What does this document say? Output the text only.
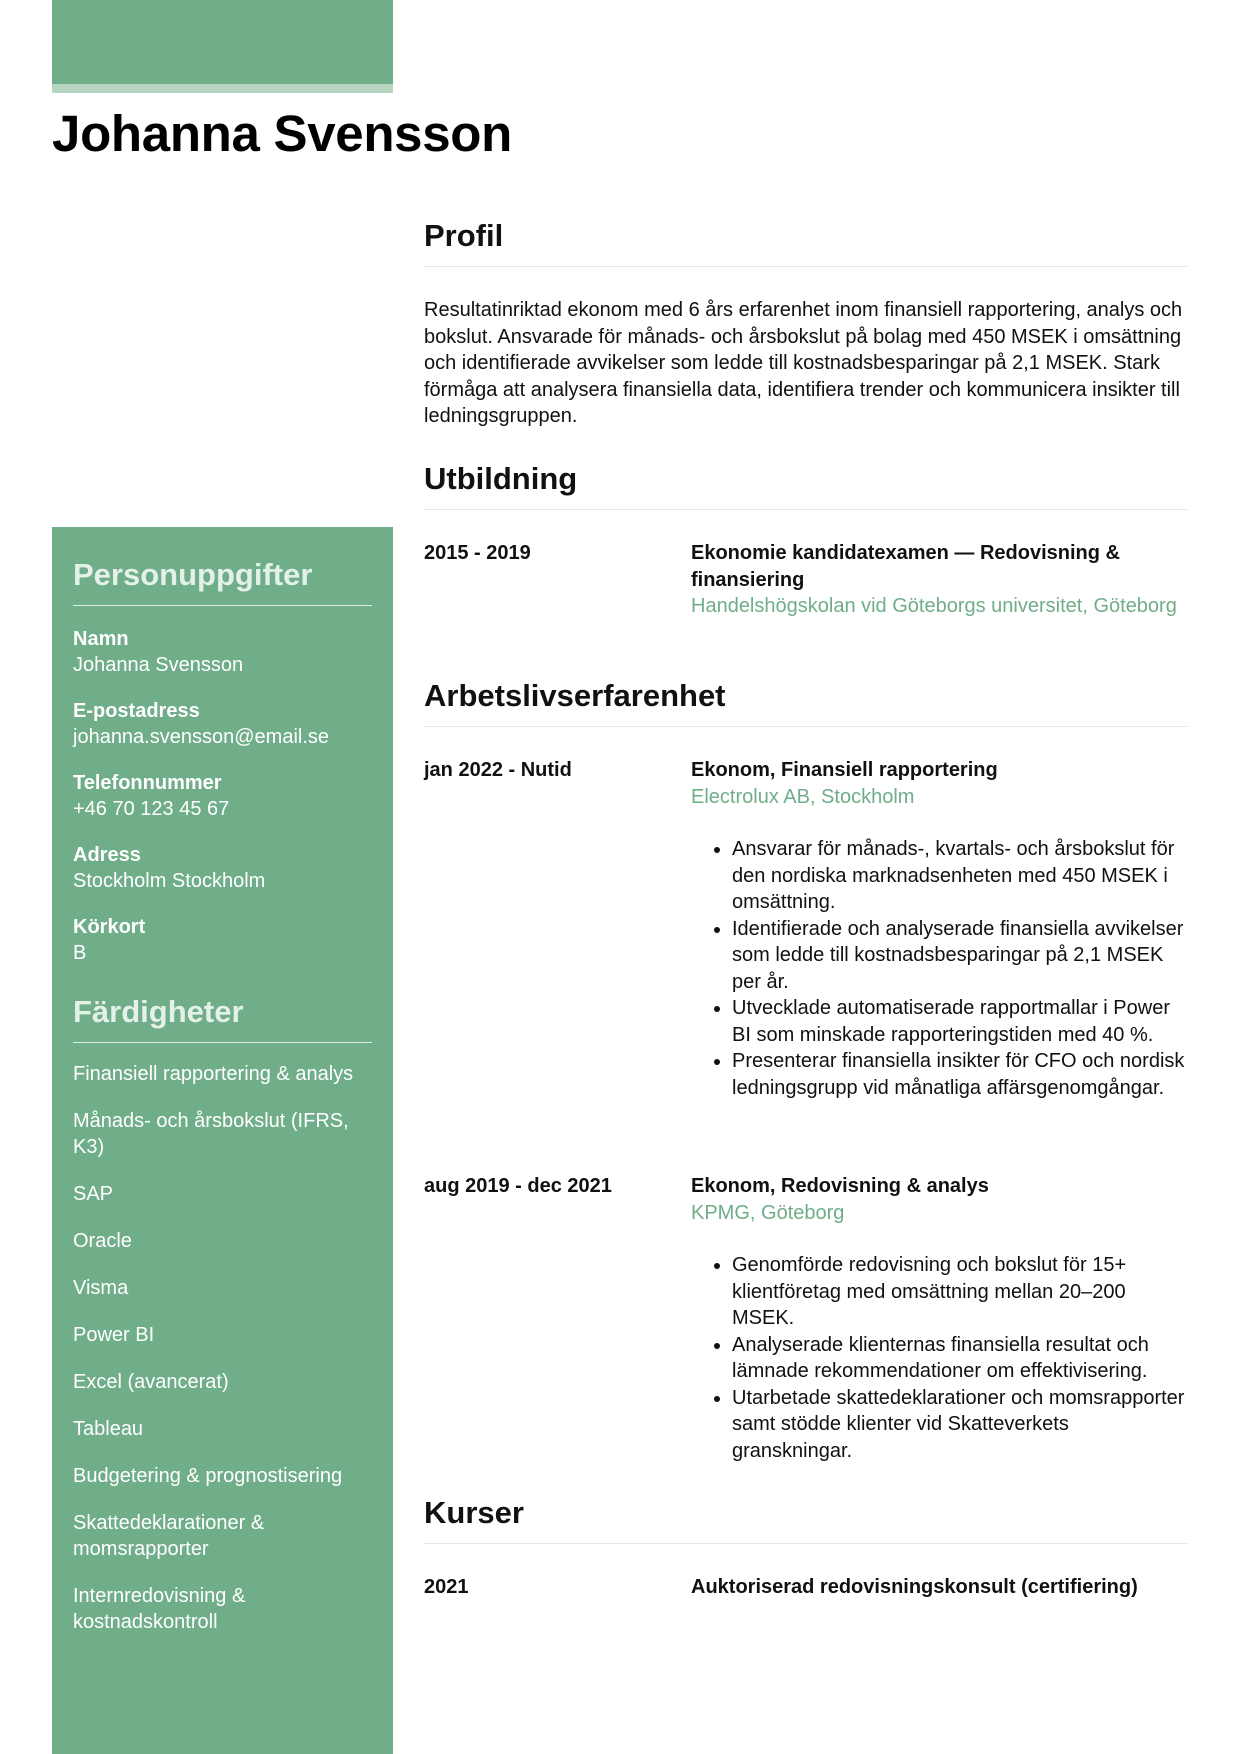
Johanna Svensson
Personuppgifter
Namn
Johanna Svensson
E-postadress
johanna.svensson@email.se
Telefonnummer
+46 70 123 45 67
Adress
Stockholm Stockholm
Körkort
B
Färdigheter
Finansiell rapportering & analys
Månads- och årsbokslut (IFRS, K3)
SAP
Oracle
Visma
Power BI
Excel (avancerat)
Tableau
Budgetering & prognostisering
Skattedeklarationer & momsrapporter
Internredovisning & kostnadskontroll
Profil

Resultatinriktad ekonom med 6 års erfarenhet inom finansiell rapportering, analys och bokslut. Ansvarade för månads- och årsbokslut på bolag med 450 MSEK i omsättning och identifierade avvikelser som ledde till kostnadsbesparingar på 2,1 MSEK. Stark förmåga att analysera finansiella data, identifiera trender och kommunicera insikter till ledningsgruppen.

Utbildning
2015 - 2019	Ekonomie kandidatexamen — Redovisning & finansiering
Handelshögskolan vid Göteborgs universitet, Göteborg
Arbetslivserfarenhet
jan 2022 - Nutid	Ekonom, Finansiell rapportering
Electrolux AB, Stockholm
• Ansvarar för månads-, kvartals- och årsbokslut för den nordiska marknadsenheten med 450 MSEK i omsättning.
• Identifierade och analyserade finansiella avvikelser som ledde till kostnadsbesparingar på 2,1 MSEK per år.
• Utvecklade automatiserade rapportmallar i Power BI som minskade rapporteringstiden med 40 %.
• Presenterar finansiella insikter för CFO och nordisk ledningsgrupp vid månatliga affärsgenomgångar.
aug 2019 - dec 2021	Ekonom, Redovisning & analys
KPMG, Göteborg
• Genomförde redovisning och bokslut för 15+ klientföretag med omsättning mellan 20–200 MSEK.
• Analyserade klienternas finansiella resultat och lämnade rekommendationer om effektivisering.
• Utarbetade skattedeklarationer och momsrapporter samt stödde klienter vid Skatteverkets granskningar.
Kurser
2021	Auktoriserad redovisningskonsult (certifiering)
